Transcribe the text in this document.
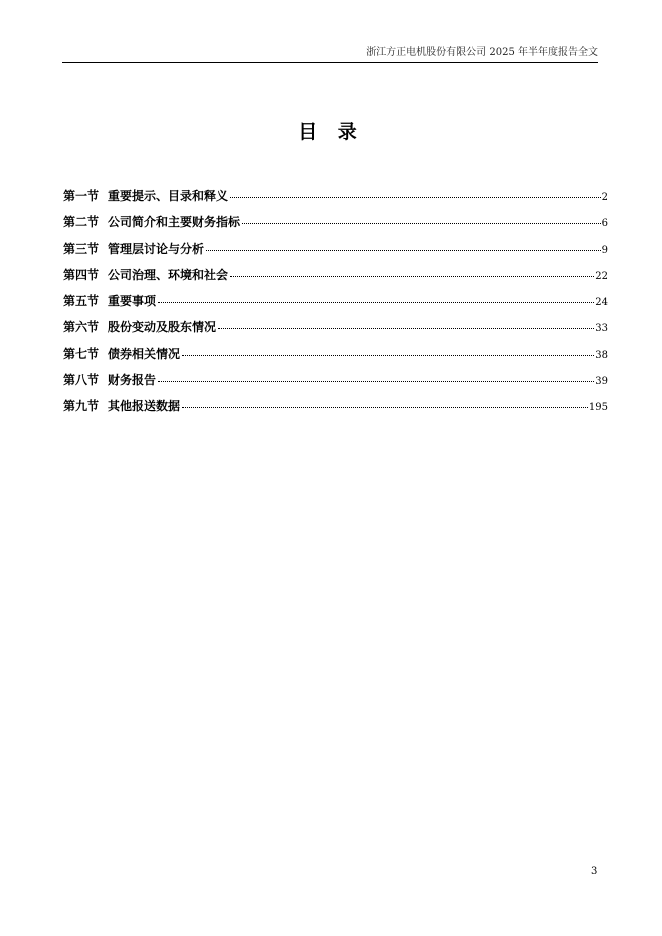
浙江方正电机股份有限公司 2025 年半年度报告全文
目 录
第一节 重要提示、目录和释义	2
第二节 公司简介和主要财务指标	6
第三节 管理层讨论与分析	9
第四节 公司治理、环境和社会	22
第五节 重要事项	24
第六节 股份变动及股东情况	33
第七节 债券相关情况	38
第八节 财务报告	39
第九节 其他报送数据	195
3
